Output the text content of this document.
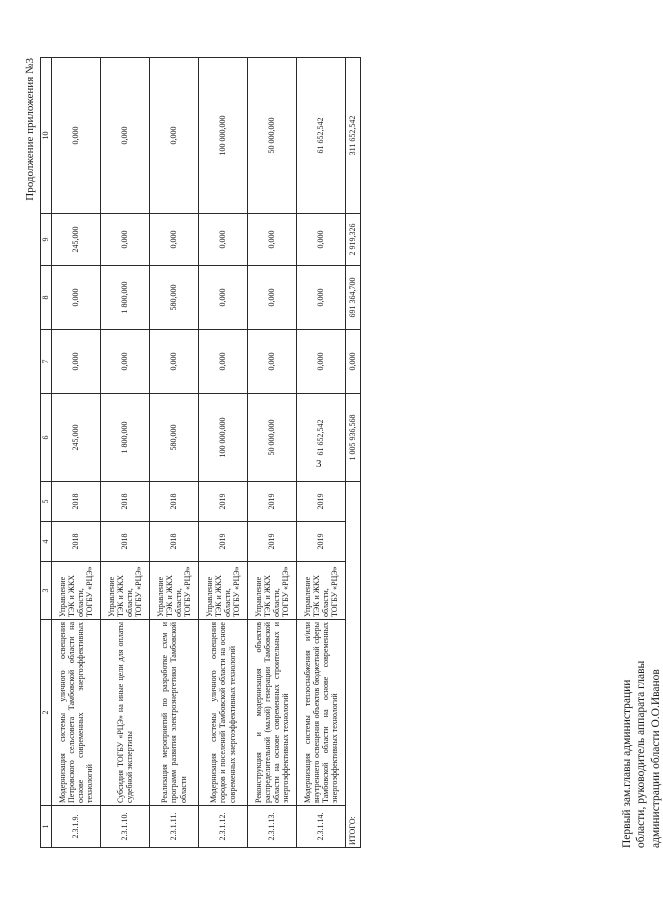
3
Продолжение приложения №3
1	2	3	4	5	6	7	8	9	10
2.3.1.9.	Модернизация системы уличного освещения Петровского сельсовета Тамбовской области на основе современных энергоэффективных технологий	Управление ТЭК и ЖКХ области, ТОГБУ «РЦЭ»	2018	2018	245,000	0,000	0,000	245,000	0,000
2.3.1.10.	Субсидия ТОГБУ «РЦЭ» на иные цели для оплаты судебной экспертизы	Управление ТЭК и ЖКХ области, ТОГБУ «РЦЭ»	2018	2018	1 800,000	0,000	1 800,000	0,000	0,000
2.3.1.11.	Реализация мероприятий по разработке схем и программ развития электроэнергетики Тамбовской области	Управление ТЭК и ЖКХ области, ТОГБУ «РЦЭ»	2018	2018	580,000	0,000	580,000	0,000	0,000
2.3.1.12.	Модернизация системы уличного освещения городов и поселений Тамбовской области на основе современных энергоэффективных технологий	Управление ТЭК и ЖКХ области, ТОГБУ «РЦЭ»	2019	2019	100 000,000	0,000	0,000	0,000	100 000,000
2.3.1.13.	Реконструкция и модернизация объектов распределительной (малой) генерации Тамбовской области на основе современных строительных и энергоэффективных технологий	Управление ТЭК и ЖКХ области, ТОГБУ «РЦЭ»	2019	2019	50 000,000	0,000	0,000	0,000	50 000,000
2.3.1.14.	Модернизация системы теплоснабжения и/или внутреннего освещения объектов бюджетной сферы Тамбовской области на основе современных энергоэффективных технологий	Управление ТЭК и ЖКХ области, ТОГБУ «РЦЭ»	2019	2019	61 652,542	0,000	0,000	0,000	61 652,542
ИТОГО:					1 005 936,568	0,000	691 364,700	2 919,326	311 652,542
Первый зам.главы администрации области, руководитель аппарата главы администрации области О.О.Иванов
